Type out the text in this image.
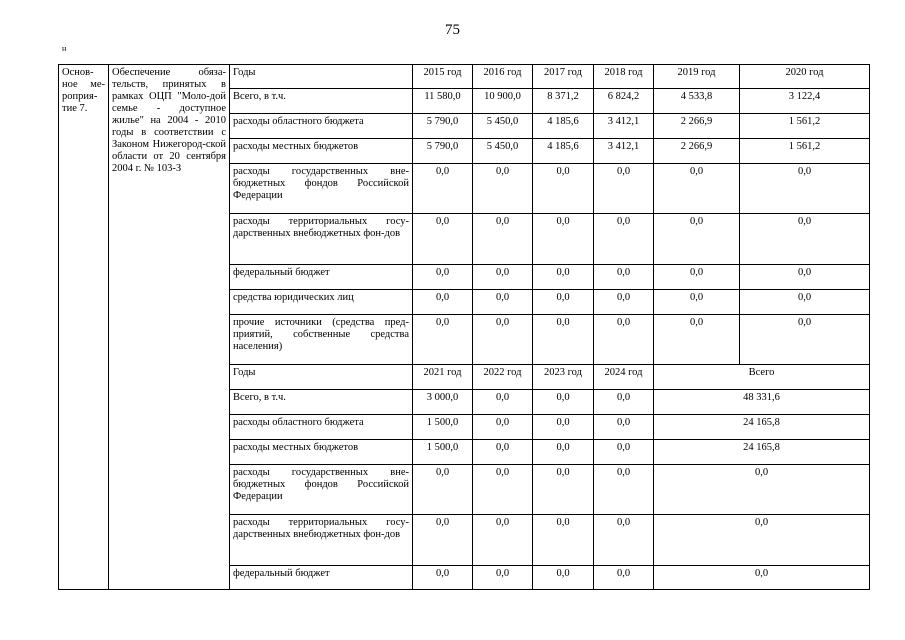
75
н
Основ-ное ме-роприя-тие 7.	Обеспечение обяза-тельств, принятых в рамках ОЦП "Моло-дой семье - доступное жилье" на 2004 - 2010 годы в соответствии с Законом Нижегород-ской области от 20 сентября 2004 г. № 103-З	Годы	2015 год	2016 год	2017 год	2018 год	2019 год	2020 год
		Всего, в т.ч.	11 580,0	10 900,0	8 371,2	6 824,2	4 533,8	3 122,4
		расходы областного бюджета	5 790,0	5 450,0	4 185,6	3 412,1	2 266,9	1 561,2
		расходы местных бюджетов	5 790,0	5 450,0	4 185,6	3 412,1	2 266,9	1 561,2
		расходы государственных вне-бюджетных фондов Российской Федерации	0,0	0,0	0,0	0,0	0,0	0,0
		расходы территориальных госу-дарственных внебюджетных фон-дов	0,0	0,0	0,0	0,0	0,0	0,0
		федеральный бюджет	0,0	0,0	0,0	0,0	0,0	0,0
		средства юридических лиц	0,0	0,0	0,0	0,0	0,0	0,0
		прочие источники (средства пред-приятий, собственные средства населения)	0,0	0,0	0,0	0,0	0,0	0,0
		Годы	2021 год	2022 год	2023 год	2024 год	Всего	
		Всего, в т.ч.	3 000,0	0,0	0,0	0,0	48 331,6	
		расходы областного бюджета	1 500,0	0,0	0,0	0,0	24 165,8	
		расходы местных бюджетов	1 500,0	0,0	0,0	0,0	24 165,8	
		расходы государственных вне-бюджетных фондов Российской Федерации	0,0	0,0	0,0	0,0	0,0	
		расходы территориальных госу-дарственных внебюджетных фон-дов	0,0	0,0	0,0	0,0	0,0	
		федеральный бюджет	0,0	0,0	0,0	0,0	0,0	
